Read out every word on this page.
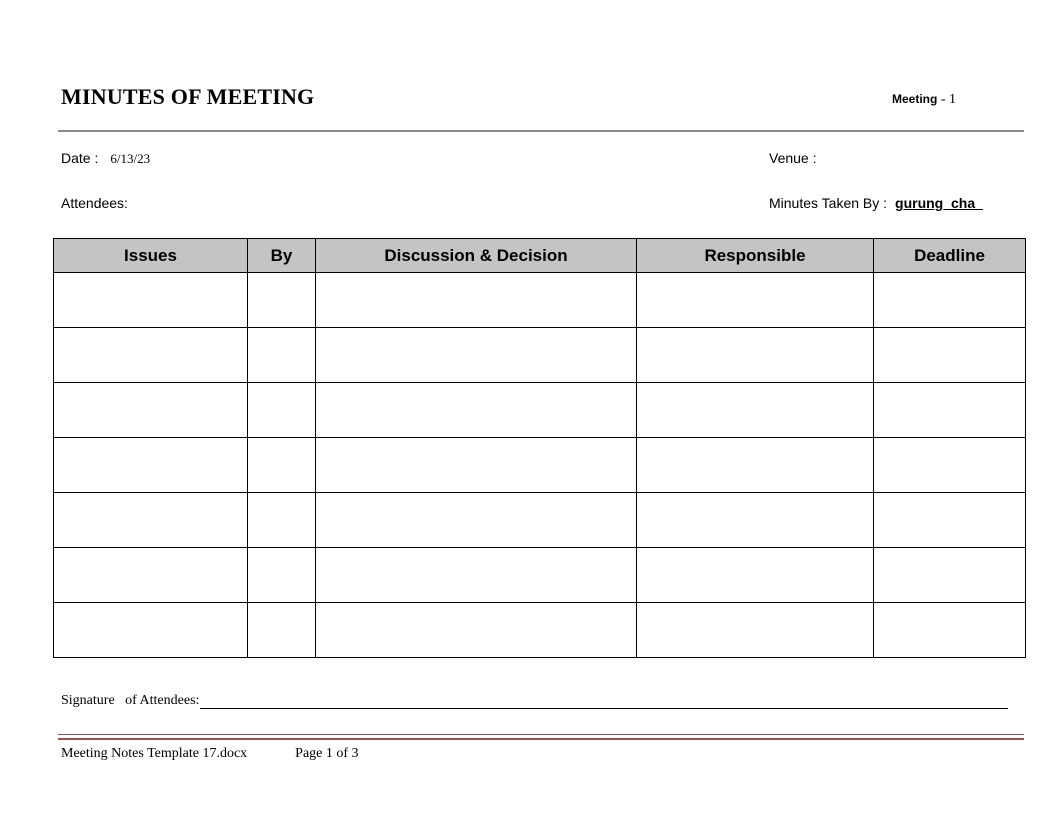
MINUTES OF MEETING	Meeting - 1
Date : 6/13/23	Venue :
Attendees:	Minutes Taken By : gurung_cha_
Issues	By	Discussion & Decision	Responsible	Deadline

Signature   of Attendees:
Meeting Notes Template 17.docx	Page 1 of 3
